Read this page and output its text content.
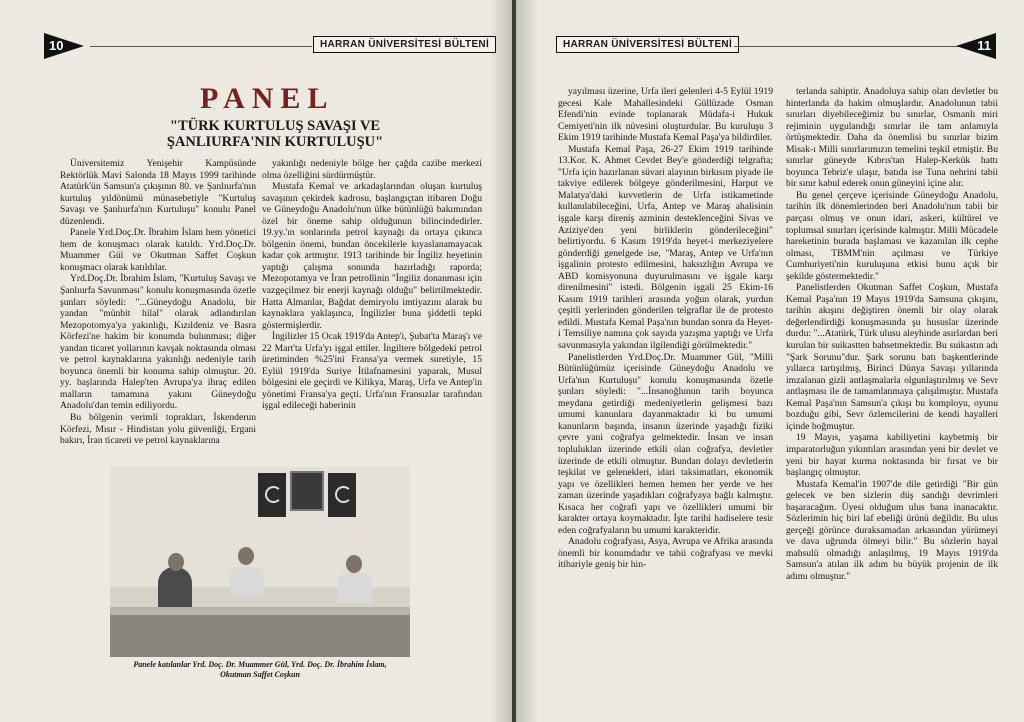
10	HARRAN ÜNİVERSİTESİ BÜLTENİ
PANEL
"TÜRK KURTULUŞ SAVAŞI VE
ŞANLIURFA'NIN KURTULUŞU"

Üniversitemiz Yenişehir Kampüsünde Rektörlük Mavi Salonda 18 Mayıs 1999 tarihinde Atatürk'ün Samsun'a çıkışının 80. ve Şanlıurfa'nın kurtuluş yıldönümü münasebetiyle "Kurtuluş Savaşı ve Şanlıurfa'nın Kurtuluşu" konulu Panel düzenlendi.

Panele Yrd.Doç.Dr. İbrahim İslam hem yönetici hem de konuşmacı olarak katıldı. Yrd.Doç.Dr. Muammer Gül ve Okutman Saffet Coşkun konuşmacı olarak katıldılar.

Yrd.Doç.Dr. İbrahim İslam, "Kurtuluş Savaşı ve Şanlıurfa Savunması" konulu konuşmasında özetle şunları söyledi: "...Güneydoğu Anadolu, bir yandan "münbit hilal" olarak adlandırılan Mezopotomya'ya yakınlığı, Kızıldeniz ve Basra Körfezi'ne hakim bir konumda bulunması; diğer yandan ticaret yollarının kavşak noktasında olması ve petrol kaynaklarına yakınlığı nedeniyle tarih boyunca önemli bir konuma sahip olmuştur. 20. yy. başlarında Halep'ten Avrupa'ya ihraç edilen malların tamamına yakını Güneydoğu Anadolu'dan temin ediliyordu.

Bu bölgenin verimli toprakları, İskenderun Körfezi, Mısır - Hindistan yolu güvenliği, Ergani bakırı, İran ticareti ve petrol kaynaklarına

yakınlığı nedeniyle bölge her çağda cazibe merkezi olma özelliğini sürdürmüştür.

Mustafa Kemal ve arkadaşlarından oluşan kurtuluş savaşının çekirdek kadrosu, başlangıçtan itibaren Doğu ve Güneydoğu Anadolu'nun ülke bütünlüğü bakımından özel bir öneme sahip olduğunun bilincindedirler. 19.yy.'ın sonlarında petrol kaynağı da ortaya çıkınca bölgenin önemi, bundan öncekilerle kıyaslanamayacak kadar çok artmıştır. 1913 tarihinde bir İngiliz heyetinin yaptığı çalışma sonunda hazırladığı raporda; Mezopotamya ve İran petrollinin "İngiliz donanması için vazgeçilmez bir enerji kaynağı olduğu" belirtilmektedir. Hatta Almanlar, Bağdat demiryolu imtiyazını alarak bu kaynaklara yaklaşınca, İngilizler buna şiddetli tepki göstermişlerdir.

İngilizler 15 Ocak 1919'da Antep'i, Şubat'ta Maraş'ı ve 22 Mart'ta Urfa'yı işgal ettiler. İngiltere bölgedeki petrol üretiminden %25'ini Fransa'ya vermek suretiyle, 15 Eylül 1919'da Suriye İtilafnamesini yaparak, Musul bölgesini ele geçirdi ve Kilikya, Maraş, Urfa ve Antep'in yönetimi Fransa'ya geçti. Urfa'nın Fransızlar tarafından işgal edileceği haberinin

Panele katılanlar Yrd. Doç. Dr. Muammer Gül, Yrd. Doç. Dr. İbrahim İslam,
Okutman Saffet Coşkun
HARRAN ÜNİVERSİTESİ BÜLTENİ	11

yayılması üzerine, Urfa ileri gelenleri 4-5 Eylül 1919 gecesi Kale Mahallesindeki Güllüzade Osman Efendi'nin evinde toplanarak Müdafa-i Hukuk Cemiyeti'nin ilk nüvesini oluşturdular. Bu kuruluşu 3 Ekim 1919 tarihinde Mustafa Kemal Paşa'ya bildirdiler.

Mustafa Kemal Paşa, 26-27 Ekim 1919 tarihinde 13.Kor. K. Ahmet Cevdet Bey'e gönderdiği telgrafta; "Urfa için hazırlanan süvari alayının birkısım piyade ile takviye edilerek bölgeye gönderilmesini, Harput ve Malatya'daki kuvvetlerin de Urfa istikametinde kullanılabileceğini, Urfa, Antep ve Maraş ahalisinin işgale karşı direniş azminin desteklenceğini Sivas ve Aziziye'den yeni birliklerin gönderileceğini" belirtiyordu. 6 Kasım 1919'da heyet-i merkeziyelere gönderdiği genelgede ise, "Maraş, Antep ve Urfa'nın işgalinin protesto edilmesini, haksızlığın Avrupa ve ABD komisyonuna duyurulmasını ve işgale karşı direnilmesini" istedi. Bölgenin işgali 25 Ekim-16 Kasım 1919 tarihleri arasında yoğun olarak, yurdun çeşitli yerlerinden gönderilen telgraflar ile de protesto edildi. Mustafa Kemal Paşa'nın bundan sonra da Heyet-i Temsiliye namına çok sayıda yazışma yaptığı ve Urfa savunmasıyla yakından ilgilendiği görülmektedir."

Panelistlerden Yrd.Doç.Dr. Muammer Gül, "Milli Bütünlüğümüz içerisinde Güneydoğu Anadolu ve Urfa'nın Kurtuluşu" konulu konuşmasında özetle şunları söyledi: "...İnsanoğlunun tarih boyunca meydana getirdiği medeniyetlerin gelişmesi bazı umumi kanunlara dayanmaktadır ki bu umumi kanunların başında, insanın üzerinde yaşadığı fiziki çevre yani coğrafya gelmektedir. İnsan ve insan topluluklan üzerinde etkili olan coğrafya, devletler üzerinde de etkili olmuştur. Bundan dolayı devletlerin teşkilat ve gelenekleri, idari taksimatları, ekonomik yapı ve özellikleri hemen hemen her yerde ve her zaman üzerinde yaşadıkları coğrafyaya bağlı kalmıştır. Kısaca her coğrafi yapı ve özellikleri umumi bir karakter ortaya koymaktadır. İşte tarihi hadiselere tesir eden coğrafyaların bu umumi karakteridir.

Anadolu coğrafyası, Asya, Avrupa ve Afrika arasında önemli bir konumdadır ve tabii coğrafyası ve mevki itibariyle geniş bir hin-

terlanda sahiptir. Anadoluya sahip olan devletler bu hinterlanda da hakim olmuşlardır. Anadolunun tabii sınırları diyebileceğimiz bu sınırlar, Osmanlı miri rejiminin uygulandığı sınırlar ile tam anlamıyla örtüşmektedir. Daha da önemlisi bu sınırlar bizim Misak-ı Milli sınırlarımızın temelini teşkil etmiştir. Bu sınırlar güneyde Kıbrıs'tan Halep-Kerkük hattı boyunca Tebriz'e ulaşır, batıda ise Tuna nehrini tabii bir sınır kabul ederek onun güneyini içine alır.

Bu genel çerçeve içerisinde Güneydoğu Anadolu, tarihin ilk dönemlerinden beri Anadolu'nun tabii bir parçası olmuş ve onun idari, askeri, kültürel ve toplumsal sınırları içerisinde kalmıştır. Milli Mücadele hareketinin burada başlaması ve kazanılan ilk cephe olması, TBMM'nin açılması ve Türkiye Cumhuriyeti'nin kuruluşuna etkisi bunu açık bir şekilde göstermektedir."

Panelistlerden Okutman Saffet Coşkun, Mustafa Kemal Paşa'nın 19 Mayıs 1919'da Samsuna çıkışını, tarihin akışını değiştiren önemli bir olay olarak değerlendirdiği konuşmasında şu hususlar üzerinde durdu: "...Atatürk, Türk ulusu aleyhinde asırlardan beri kurulan bir suikastten bahsetmektedir. Bu suikastın adı "Şark Sorunu"dur. Şark sorunu batı başkentlerinde yıllarca tartışılmış, Birinci Dünya Savaşı yıllarında imzalanan gizli antlaşmalarla olgunlaştırılmış ve Sevr antlaşması ile de tamamlanmaya çalışılmıştır. Mustafa Kemal Paşa'nın Samsun'a çıkışı bu komployu, oyunu bozduğu gibi, Sevr özlemcilerini de kendi hayalleri içinde boğmuştur.

19 Mayıs, yaşama kabiliyetini kaybetmiş bir imparatorluğun yıkıntıları arasından yeni bir devlet ve yeni bir hayat kurma noktasında bir fırsat ve bir başlangıç olmuştur.

Mustafa Kemal'in 1907'de dile getirdiği "Bir gün gelecek ve ben sizlerin düş sandığı devrimleri başaracağım. Üyesi olduğum ulus bana inanacaktır. Sözlerimin hiç biri laf ebeliği ürünü değildir. Bu ulus gerçeği görünce duraksamadan arkasından yürümeyi ve dava uğrunda ölmeyi bilir." Bu sözlerin hayal mahsulü olmadığı anlaşılmış, 19 Mayıs 1919'da Samsun'a atılan ilk adım bu büyük projenin de ilk adımı olmuştur."
